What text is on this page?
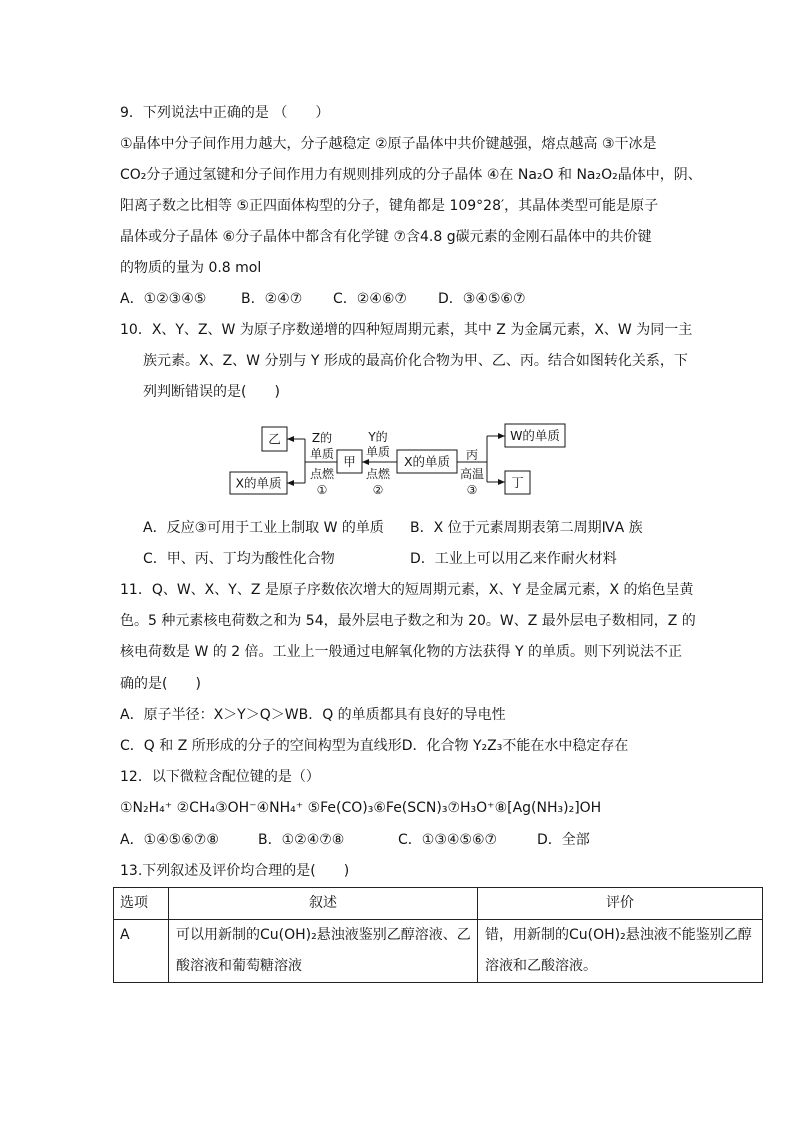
9．下列说法中正确的是 （　　）
①晶体中分子间作用力越大，分子越稳定 ②原子晶体中共价键越强，熔点越高 ③干冰是
CO₂分子通过氢键和分子间作用力有规则排列成的分子晶体 ④在 Na₂O 和 Na₂O₂晶体中，阴、
阳离子数之比相等 ⑤正四面体构型的分子，键角都是 109°28′，其晶体类型可能是原子
晶体或分子晶体 ⑥分子晶体中都含有化学键 ⑦含4.8 g碳元素的金刚石晶体中的共价键
的物质的量为 0.8 mol
A．①②③④⑤ B．②④⑦ C．②④⑥⑦ D．③④⑤⑥⑦
10．X、Y、Z、W 为原子序数递增的四种短周期元素，其中 Z 为金属元素，X、W 为同一主
族元素。X、Z、W 分别与 Y 形成的最高价化合物为甲、乙、丙。结合如图转化关系，下
列判断错误的是(　　)
乙
X的单质
甲	X的单质
W的单质
丁
Z的
单质
点燃
①
Y的
单质
点燃
②
丙
高温
③
A．反应③可用于工业上制取 W 的单质 B．X 位于元素周期表第二周期ⅣA 族
C．甲、丙、丁均为酸性化合物	D．工业上可以用乙来作耐火材料
11．Q、W、X、Y、Z 是原子序数依次增大的短周期元素，X、Y 是金属元素，X 的焰色呈黄
色。5 种元素核电荷数之和为 54，最外层电子数之和为 20。W、Z 最外层电子数相同，Z 的
核电荷数是 W 的 2 倍。工业上一般通过电解氧化物的方法获得 Y 的单质。则下列说法不正
确的是(　　)
A．原子半径：X＞Y＞Q＞WB．Q 的单质都具有良好的导电性
C．Q 和 Z 所形成的分子的空间构型为直线形D．化合物 Y₂Z₃不能在水中稳定存在
12．以下微粒含配位键的是（）
①N₂H₄⁺ ②CH₄③OH⁻④NH₄⁺ ⑤Fe(CO)₃⑥Fe(SCN)₃⑦H₃O⁺⑧[Ag(NH₃)₂]OH
A．①④⑤⑥⑦⑧	B．①②④⑦⑧	C．①③④⑤⑥⑦	D．全部
13.下列叙述及评价均合理的是(　　)
选项	叙述	评价
A	可以用新制的Cu(OH)₂悬浊液鉴别乙醇溶液、乙酸溶液和葡萄糖溶液	错，用新制的Cu(OH)₂悬浊液不能鉴别乙醇溶液和乙酸溶液。
